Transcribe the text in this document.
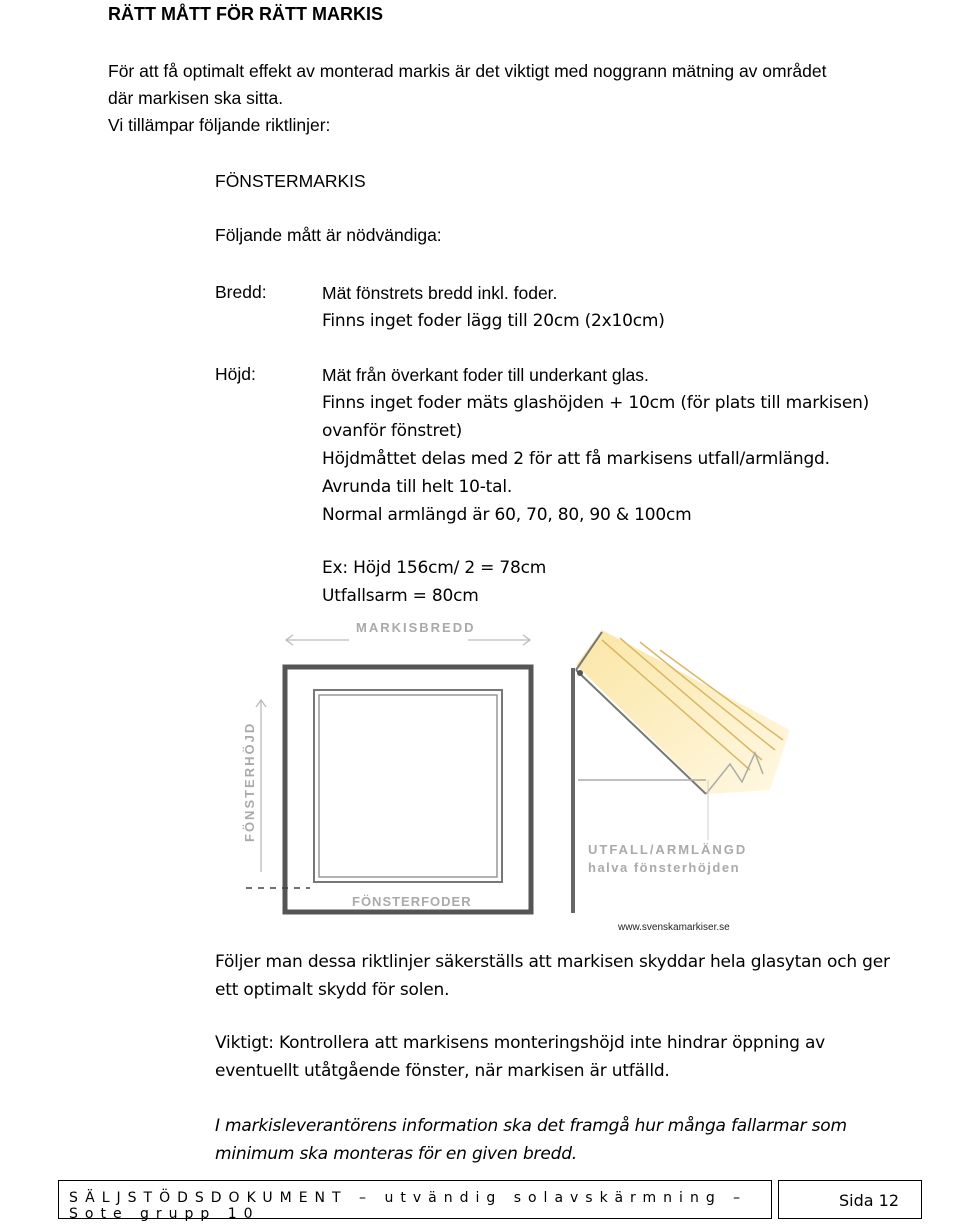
RÄTT MÅTT FÖR RÄTT MARKIS
För att få optimalt effekt av monterad markis är det viktigt med noggrann mätning av området
där markisen ska sitta.
Vi tillämpar följande riktlinjer:
FÖNSTERMARKIS
Följande mått är nödvändiga:
Bredd:	Mät fönstrets bredd inkl. foder.
Finns inget foder lägg till 20cm (2x10cm)
Höjd:	Mät från överkant foder till underkant glas.
Finns inget foder mäts glashöjden + 10cm (för plats till markisen)
ovanför fönstret)
Höjdmåttet delas med 2 för att få markisens utfall/armlängd.
Avrunda till helt 10-tal.
Normal armlängd är 60, 70, 80, 90 & 100cm
Ex: Höjd 156cm/ 2 = 78cm
Utfallsarm = 80cm
MARKISBREDD
FÖNSTERHÖJD
FÖNSTERFODER
UTFALL/ARMLÄNGD
halva fönsterhöjden
www.svenskamarkiser.se
Följer man dessa riktlinjer säkerställs att markisen skyddar hela glasytan och ger
ett optimalt skydd för solen.
Viktigt: Kontrollera att markisens monteringshöjd inte hindrar öppning av
eventuellt utåtgående fönster, när markisen är utfälld.
I markisleverantörens information ska det framgå hur många fallarmar som
minimum ska monteras för en given bredd.
SÄLJSTÖDSDOKUMENT – utvändig solavskärmning – Sote grupp 10
Sida 12
